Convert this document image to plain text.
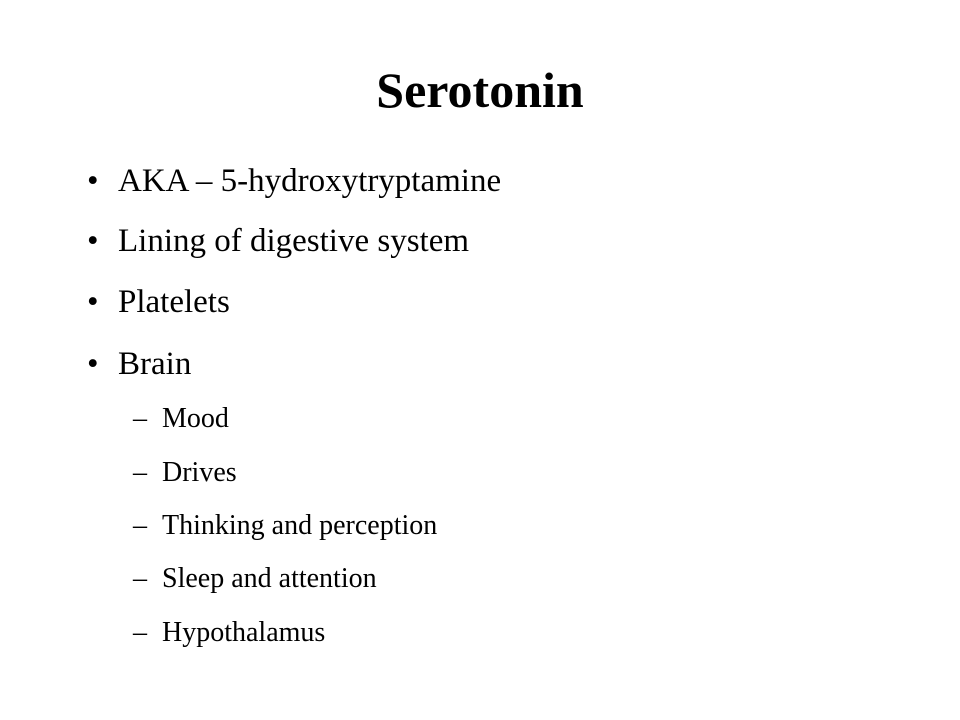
Serotonin
• AKA – 5-hydroxytryptamine
• Lining of digestive system
• Platelets
• Brain
– Mood
– Drives
– Thinking and perception
– Sleep and attention
– Hypothalamus
